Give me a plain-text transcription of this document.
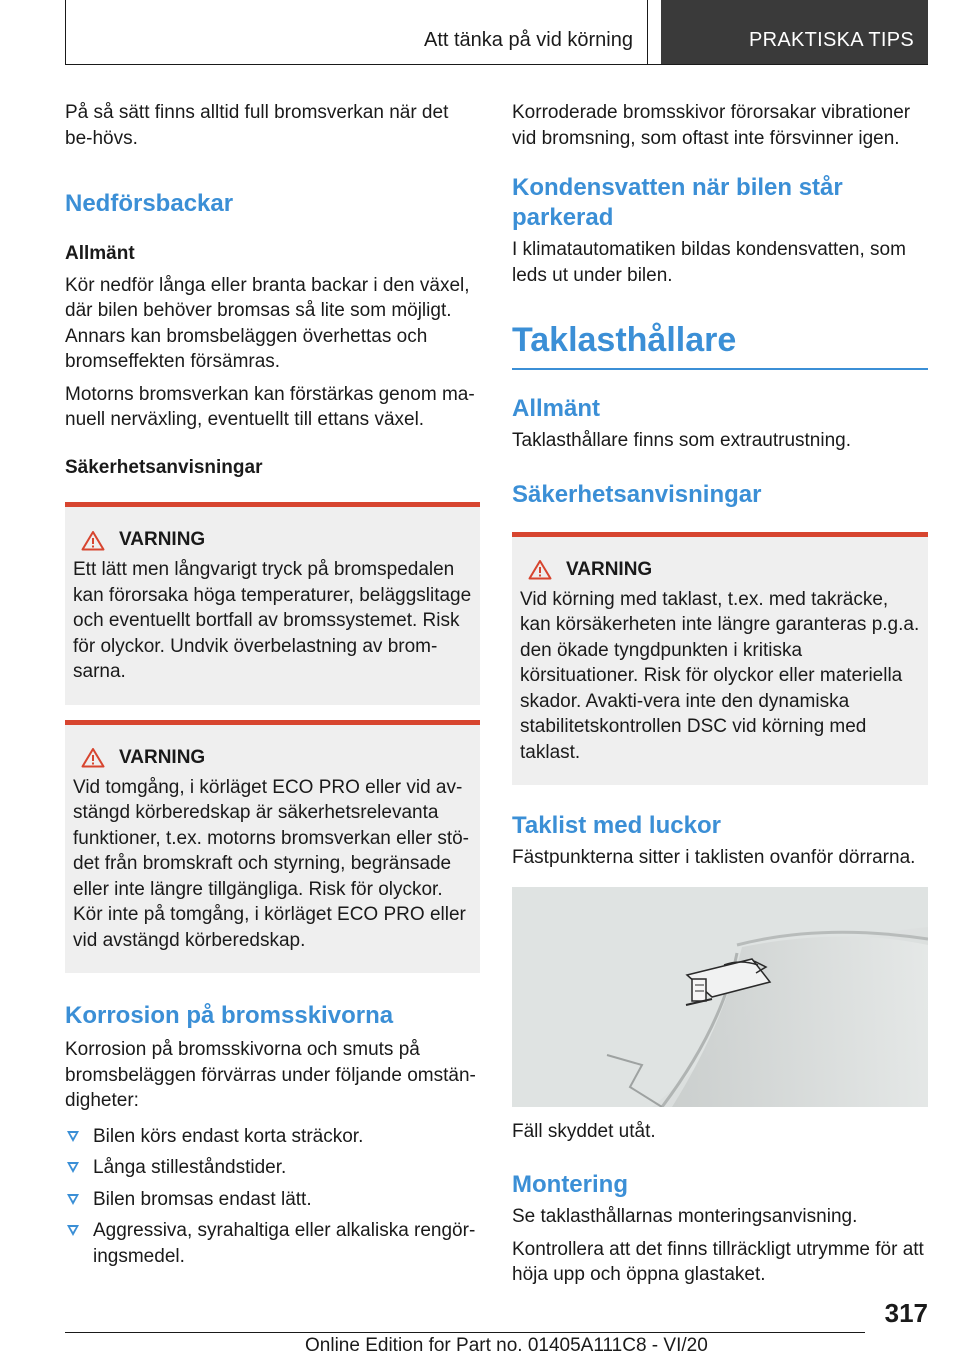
Att tänka på vid körning	PRAKTISKA TIPS

På så sätt finns alltid full bromsverkan när det be-hövs.

Nedförsbackar

Allmänt

Kör nedför långa eller branta backar i den växel, där bilen behöver bromsas så lite som möjligt. Annars kan bromsbeläggen överhettas och bromseffekten försämras.

Motorns bromsverkan kan förstärkas genom ma-nuell nerväxling, eventuellt till ettans växel.

Säkerhetsanvisningar

VARNING

Ett lätt men långvarigt tryck på bromspedalen kan förorsaka höga temperaturer, beläggslitage och eventuellt bortfall av bromssystemet. Risk för olyckor. Undvik överbelastning av brom-sarna.

VARNING

Vid tomgång, i körläget ECO PRO eller vid av-stängd körberedskap är säkerhetsrelevanta funktioner, t.ex. motorns bromsverkan eller stö-det från bromskraft och styrning, begränsade eller inte längre tillgängliga. Risk för olyckor. Kör inte på tomgång, i körläget ECO PRO eller vid avstängd körberedskap.

Korrosion på bromsskivorna

Korrosion på bromsskivorna och smuts på bromsbeläggen förvärras under följande omstän-digheter:

Bilen körs endast korta sträckor.
Långa stilleståndstider.
Bilen bromsas endast lätt.
Aggressiva, syrahaltiga eller alkaliska rengör-ingsmedel.

Korroderade bromsskivor förorsakar vibrationer vid bromsning, som oftast inte försvinner igen.

Kondensvatten när bilen står parkerad

I klimatautomatiken bildas kondensvatten, som leds ut under bilen.

Taklasthållare

Allmänt

Taklasthållare finns som extrautrustning.

Säkerhetsanvisningar

VARNING

Vid körning med taklast, t.ex. med takräcke, kan körsäkerheten inte längre garanteras p.g.a. den ökade tyngdpunkten i kritiska körsituationer. Risk för olyckor eller materiella skador. Avakti-vera inte den dynamiska stabilitetskontrollen DSC vid körning med taklast.

Taklist med luckor

Fästpunkterna sitter i taklisten ovanför dörrarna.

Fäll skyddet utåt.

Montering

Se taklasthållarnas monteringsanvisning.

Kontrollera att det finns tillräckligt utrymme för att höja upp och öppna glastaket.

317
Online Edition for Part no. 01405A111C8 - VI/20
